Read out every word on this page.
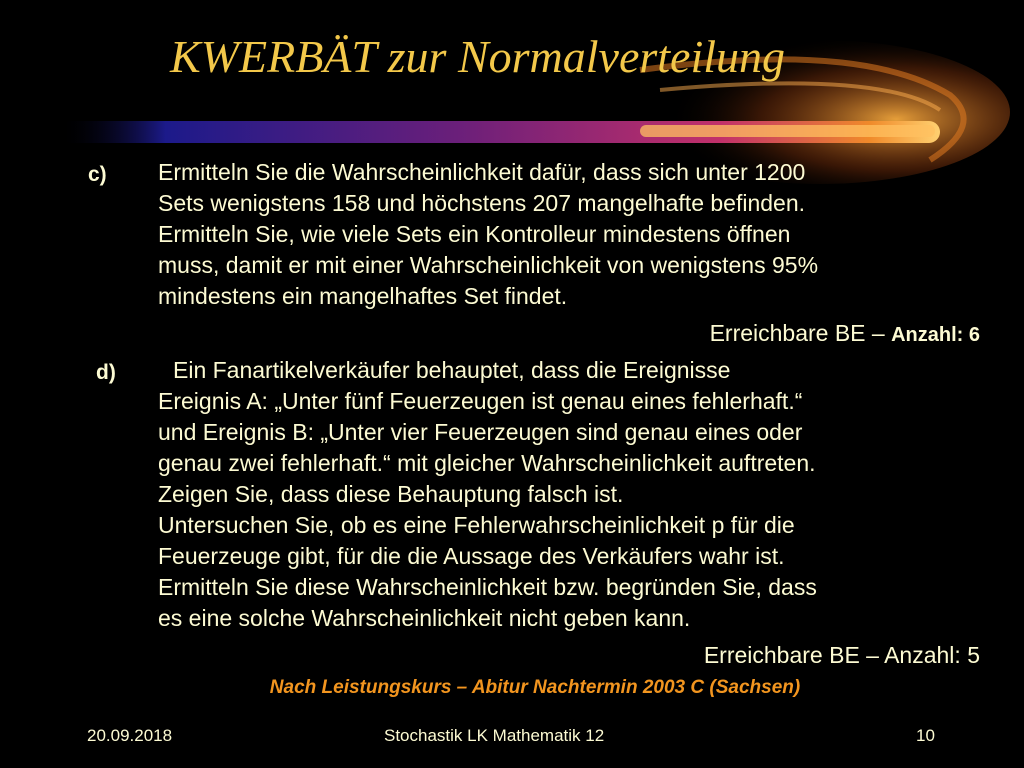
KWERBÄT zur Normalverteilung
c) Ermitteln Sie die Wahrscheinlichkeit dafür, dass sich unter 1200
Sets wenigstens 158 und höchstens 207 mangelhafte befinden.
Ermitteln Sie, wie viele Sets ein Kontrolleur mindestens öffnen
muss, damit er mit einer Wahrscheinlichkeit von wenigstens 95%
mindestens ein mangelhaftes Set findet.
Erreichbare BE – Anzahl: 6
d) Ein Fanartikelverkäufer behauptet, dass die Ereignisse
Ereignis A: „Unter fünf Feuerzeugen ist genau eines fehlerhaft.“
und Ereignis B: „Unter vier Feuerzeugen sind genau eines oder
genau zwei fehlerhaft.“ mit gleicher Wahrscheinlichkeit auftreten.
Zeigen Sie, dass diese Behauptung falsch ist.
Untersuchen Sie, ob es eine Fehlerwahrscheinlichkeit p für die
Feuerzeuge gibt, für die die Aussage des Verkäufers wahr ist.
Ermitteln Sie diese Wahrscheinlichkeit bzw. begründen Sie, dass
es eine solche Wahrscheinlichkeit nicht geben kann.
Erreichbare BE – Anzahl: 5
Nach Leistungskurs – Abitur Nachtermin 2003 C (Sachsen)
20.09.2018	Stochastik LK Mathematik 12	10
